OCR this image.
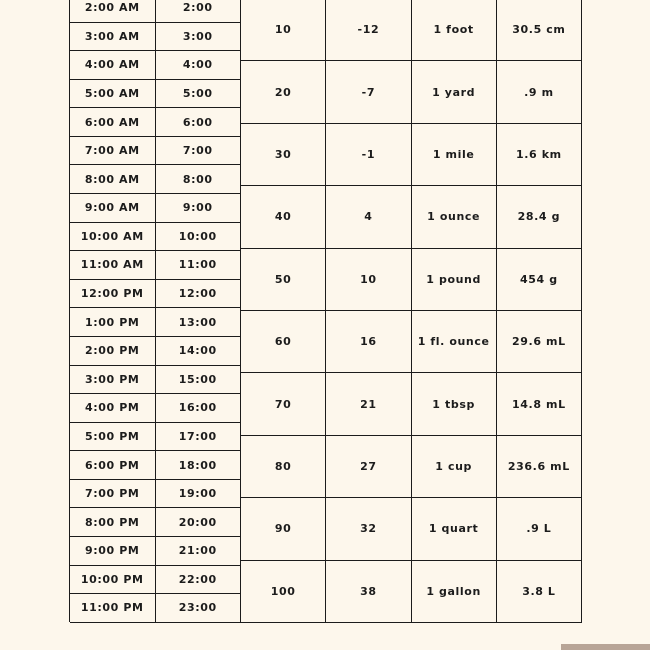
2:00 AM	2:00
3:00 AM	3:00
4:00 AM	4:00
5:00 AM	5:00
6:00 AM	6:00
7:00 AM	7:00
8:00 AM	8:00
9:00 AM	9:00
10:00 AM	10:00
11:00 AM	11:00
12:00 PM	12:00
1:00 PM	13:00
2:00 PM	14:00
3:00 PM	15:00
4:00 PM	16:00
5:00 PM	17:00
6:00 PM	18:00
7:00 PM	19:00
8:00 PM	20:00
9:00 PM	21:00
10:00 PM	22:00
11:00 PM	23:00
10	-12	1 foot	30.5 cm
20	-7	1 yard	.9 m
30	-1	1 mile	1.6 km
40	4	1 ounce	28.4 g
50	10	1 pound	454 g
60	16	1 fl. ounce	29.6 mL
70	21	1 tbsp	14.8 mL
80	27	1 cup	236.6 mL
90	32	1 quart	.9 L
100	38	1 gallon	3.8 L
